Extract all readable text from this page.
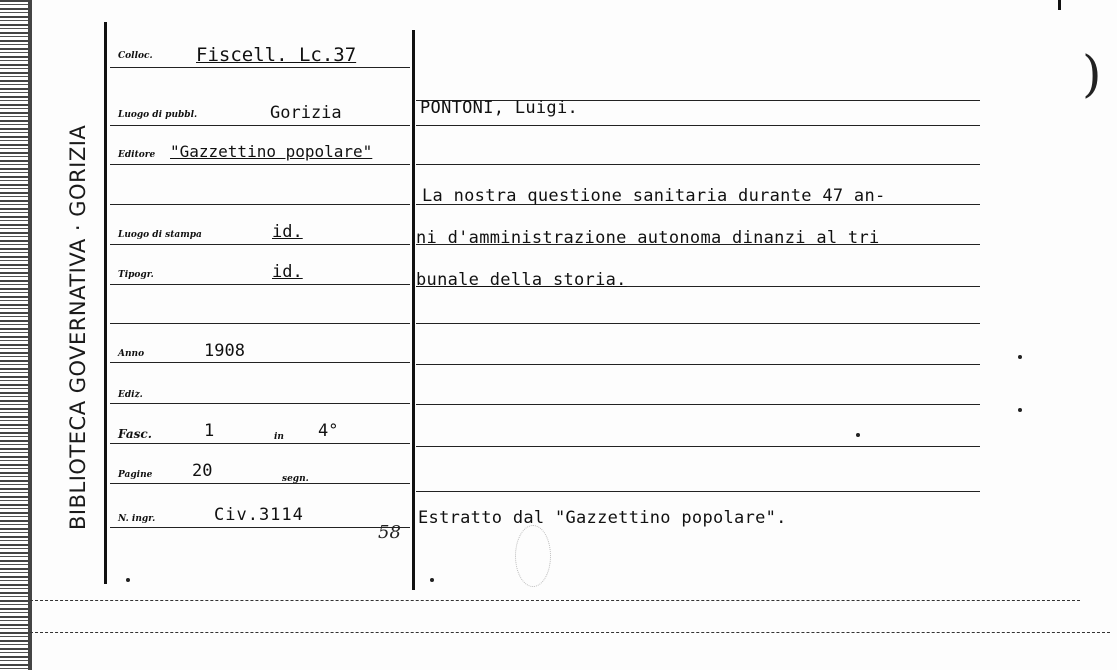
BIBLIOTECA GOVERNATIVA · GORIZIA
Colloc. Fiscell. Lc.37
Luogo di pubbl.	Gorizia
Editore "Gazzettino popolare"
Luogo di stampa	id.
Tipogr.	id.
Anno	1908
Ediz.
Fasc.	1	in 4°
Pagine 20	segn.
N. ingr.	Civ.3114
58
PONTONI, Luigi.
La nostra questione sanitaria durante 47 an-
ni d'amministrazione autonoma dinanzi al tri
bunale della storia.
Estratto dal "Gazzettino popolare".
)
